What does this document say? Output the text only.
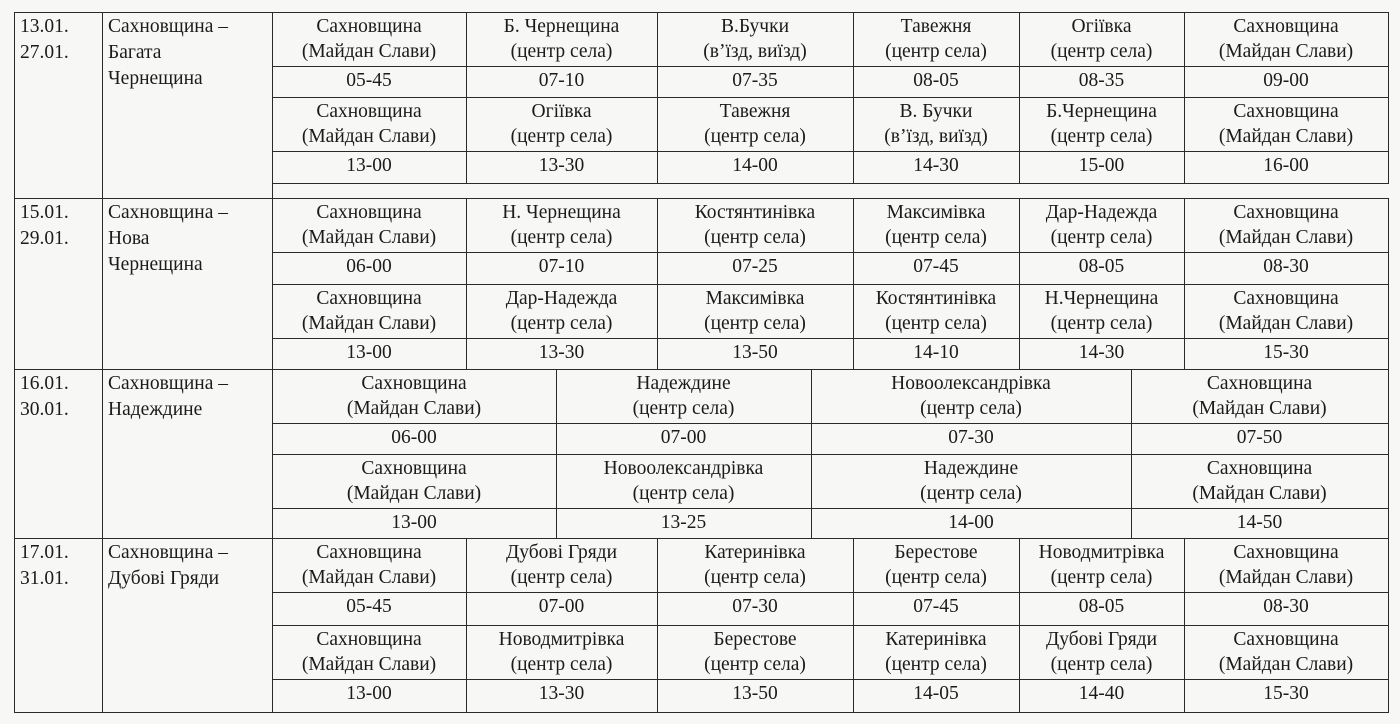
13.01.
27.01.
Сахновщина –
Багата
Чернещина
Сахновщина
(Майдан Слави)
05-45
Б. Чернещина
(центр села)
07-10
В.Бучки
(в’їзд, виїзд)
07-35
Тавежня
(центр села)
08-05
Огіївка
(центр села)
08-35
Сахновщина
(Майдан Слави)
09-00
Сахновщина
(Майдан Слави)
13-00
Огіївка
(центр села)
13-30
Тавежня
(центр села)
14-00
В. Бучки
(в’їзд, виїзд)
14-30
Б.Чернещина
(центр села)
15-00
Сахновщина
(Майдан Слави)
16-00
15.01.
29.01.
Сахновщина –
Нова
Чернещина
Сахновщина
(Майдан Слави)
06-00
Н. Чернещина
(центр села)
07-10
Костянтинівка
(центр села)
07-25
Максимівка
(центр села)
07-45
Дар-Надежда
(центр села)
08-05
Сахновщина
(Майдан Слави)
08-30
Сахновщина
(Майдан Слави)
13-00
Дар-Надежда
(центр села)
13-30
Максимівка
(центр села)
13-50
Костянтинівка
(центр села)
14-10
Н.Чернещина
(центр села)
14-30
Сахновщина
(Майдан Слави)
15-30
16.01.
30.01.
Сахновщина –
Надеждине
Сахновщина
(Майдан Слави)
06-00
Надеждине
(центр села)
07-00
Новоолександрівка
(центр села)
07-30
Сахновщина
(Майдан Слави)
07-50
Сахновщина
(Майдан Слави)
13-00
Новоолександрівка
(центр села)
13-25
Надеждине
(центр села)
14-00
Сахновщина
(Майдан Слави)
14-50
17.01.
31.01.
Сахновщина –
Дубові Гряди
Сахновщина
(Майдан Слави)
05-45
Дубові Гряди
(центр села)
07-00
Катеринівка
(центр села)
07-30
Берестове
(центр села)
07-45
Новодмитрівка
(центр села)
08-05
Сахновщина
(Майдан Слави)
08-30
Сахновщина
(Майдан Слави)
13-00
Новодмитрівка
(центр села)
13-30
Берестове
(центр села)
13-50
Катеринівка
(центр села)
14-05
Дубові Гряди
(центр села)
14-40
Сахновщина
(Майдан Слави)
15-30
